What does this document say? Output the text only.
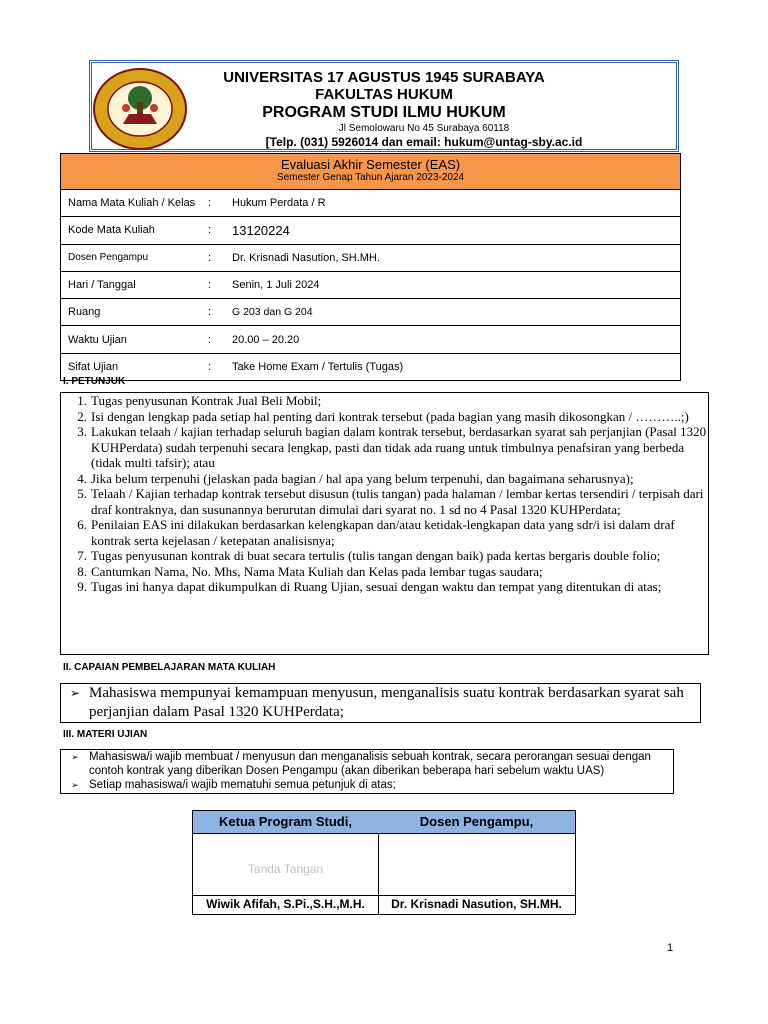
UNIVERSITAS 17 AGUSTUS 1945 SURABAYA
FAKULTAS HUKUM
PROGRAM STUDI ILMU HUKUM
Jl Semolowaru No 45 Surabaya 60118
[Telp. (031) 5926014 dan email: hukum@untag-sby.ac.id
Evaluasi Akhir Semester (EAS)
Semester Genap Tahun Ajaran 2023-2024
Nama Mata Kuliah / Kelas	:	Hukum Perdata / R
Kode Mata Kuliah	:	13120224
Dosen Pengampu	:	Dr. Krisnadi Nasution, SH.MH.
Hari / Tanggal	:	Senin, 1 Juli 2024
Ruang	:	G 203 dan G 204
Waktu Ujian	:	20.00 – 20.20
Sifat Ujian	:	Take Home Exam / Tertulis (Tugas)
I. PETUNJUK
1. Tugas penyusunan Kontrak Jual Beli Mobil;
2. Isi dengan lengkap pada setiap hal penting dari kontrak tersebut (pada bagian yang masih dikosongkan / ………..;)
3. Lakukan telaah / kajian terhadap seluruh bagian dalam kontrak tersebut, berdasarkan syarat sah perjanjian (Pasal 1320 KUHPerdata) sudah terpenuhi secara lengkap, pasti dan tidak ada ruang untuk timbulnya penafsiran yang berbeda (tidak multi tafsir); atau
4. Jika belum terpenuhi (jelaskan pada bagian / hal apa yang belum terpenuhi, dan bagaimana seharusnya);
5. Telaah / Kajian terhadap kontrak tersebut disusun (tulis tangan) pada halaman / lembar kertas tersendiri / terpisah dari draf kontraknya, dan susunannya berurutan dimulai dari syarat no. 1 sd no 4 Pasal 1320 KUHPerdata;
6. Penilaian EAS ini dilakukan berdasarkan kelengkapan dan/atau ketidak-lengkapan data yang sdr/i isi dalam draf kontrak serta kejelasan / ketepatan analisisnya;
7. Tugas penyusunan kontrak di buat secara tertulis (tulis tangan dengan baik) pada kertas bergaris double folio;
8. Cantumkan Nama, No. Mhs, Nama Mata Kuliah dan Kelas pada lembar tugas saudara;
9. Tugas ini hanya dapat dikumpulkan di Ruang Ujian, sesuai dengan waktu dan tempat yang ditentukan di atas;
II. CAPAIAN PEMBELAJARAN MATA KULIAH
➢ Mahasiswa mempunyai kemampuan menyusun, menganalisis suatu kontrak berdasarkan syarat sah perjanjian dalam Pasal 1320 KUHPerdata;
III. MATERI UJIAN
➢ Mahasiswa/i wajib membuat / menyusun dan menganalisis sebuah kontrak, secara perorangan sesuai dengan contoh kontrak yang diberikan Dosen Pengampu (akan diberikan beberapa hari sebelum waktu UAS)
➢ Setiap mahasiswa/i wajib mematuhi semua petunjuk di atas;
Ketua Program Studi,	Dosen Pengampu,
Tanda Tangan
Wiwik Afifah, S.Pi.,S.H.,M.H.	Dr. Krisnadi Nasution, SH.MH.
1
